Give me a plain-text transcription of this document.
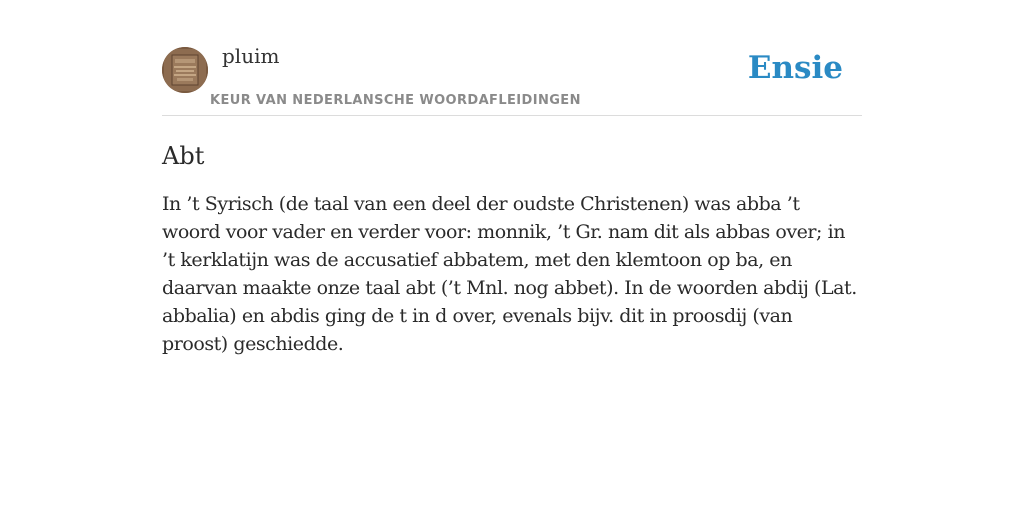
pluim
KEUR VAN NEDERLANSCHE WOORDAFLEIDINGEN
Ensie
Abt

In ’t Syrisch (de taal van een deel der oudste Christenen) was abba ’t woord voor vader en verder voor: monnik, ’t Gr. nam dit als abbas over; in ’t kerklatijn was de accusatief abbatem, met den klemtoon op ba, en daarvan maakte onze taal abt (’t Mnl. nog abbet). In de woorden abdij (Lat. abbalia) en abdis ging de t in d over, evenals bijv. dit in proosdij (van proost) geschiedde.
